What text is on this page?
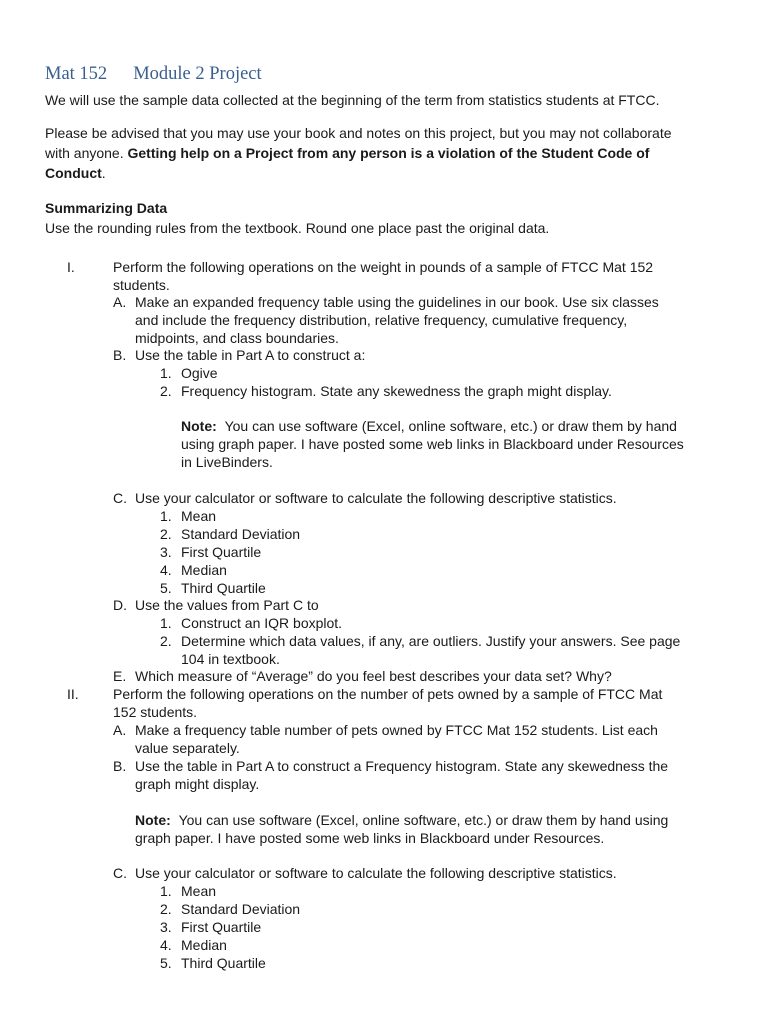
Mat 152 Module 2 Project
We will use the sample data collected at the beginning of the term from statistics students at FTCC.
Please be advised that you may use your book and notes on this project, but you may not collaborate
with anyone. Getting help on a Project from any person is a violation of the Student Code of
Conduct.
Summarizing Data
Use the rounding rules from the textbook. Round one place past the original data.
I.	Perform the following operations on the weight in pounds of a sample of FTCC Mat 152
students.
A. Make an expanded frequency table using the guidelines in our book. Use six classes
and include the frequency distribution, relative frequency, cumulative frequency,
midpoints, and class boundaries.
B. Use the table in Part A to construct a:
1. Ogive
2. Frequency histogram. State any skewedness the graph might display.
Note: You can use software (Excel, online software, etc.) or draw them by hand
using graph paper. I have posted some web links in Blackboard under Resources
in LiveBinders.
C. Use your calculator or software to calculate the following descriptive statistics.
1. Mean
2. Standard Deviation
3. First Quartile
4. Median
5. Third Quartile
D. Use the values from Part C to
1. Construct an IQR boxplot.
2. Determine which data values, if any, are outliers. Justify your answers. See page
104 in textbook.
E. Which measure of “Average” do you feel best describes your data set? Why?
II. Perform the following operations on the number of pets owned by a sample of FTCC Mat
152 students.
A. Make a frequency table number of pets owned by FTCC Mat 152 students. List each
value separately.
B. Use the table in Part A to construct a Frequency histogram. State any skewedness the
graph might display.
Note: You can use software (Excel, online software, etc.) or draw them by hand using
graph paper. I have posted some web links in Blackboard under Resources.
C. Use your calculator or software to calculate the following descriptive statistics.
1. Mean
2. Standard Deviation
3. First Quartile
4. Median
5. Third Quartile
